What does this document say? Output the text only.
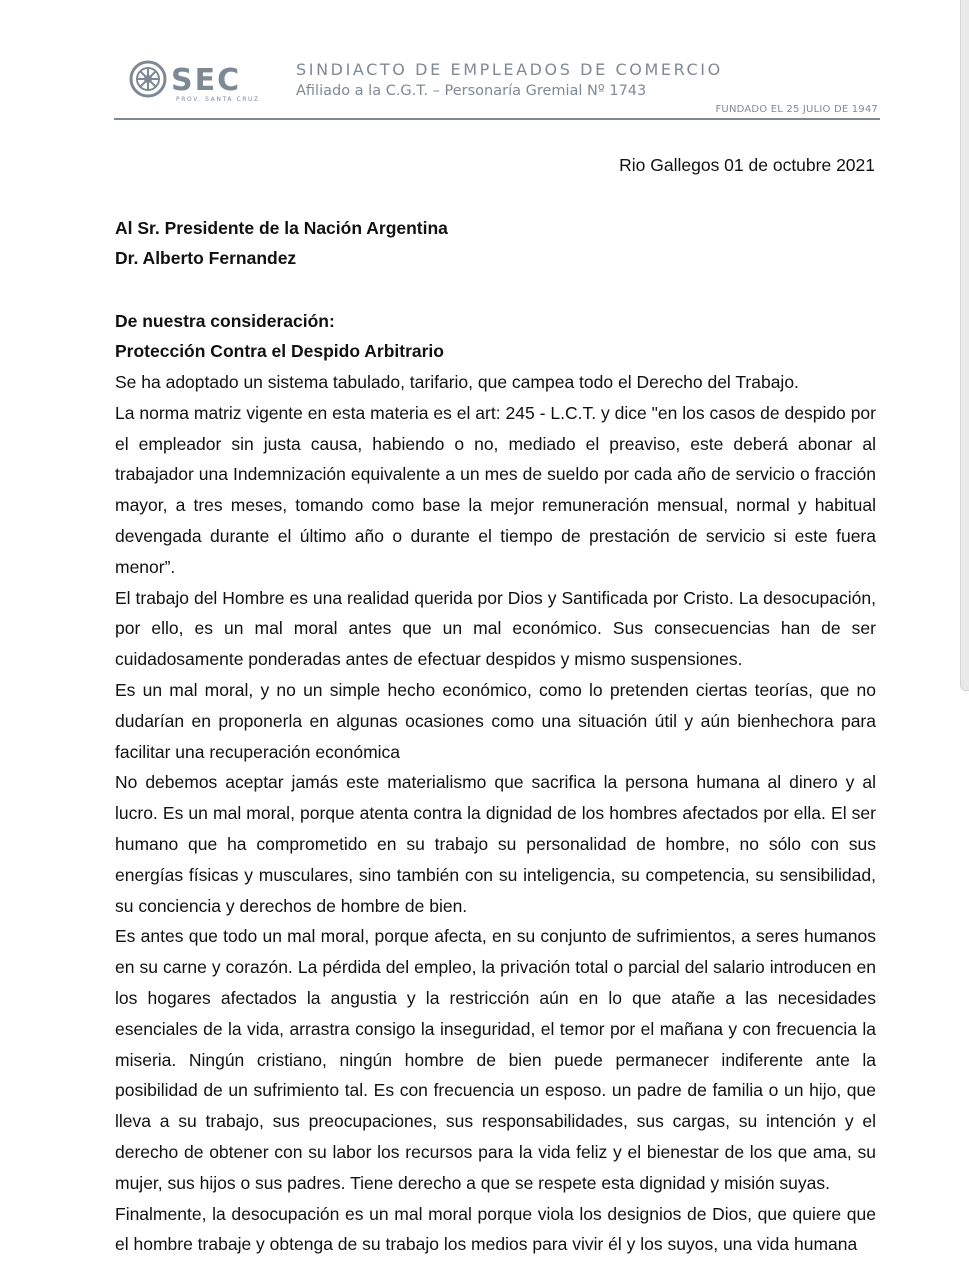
SEC
PROV. SANTA CRUZ
SINDIACTO DE EMPLEADOS DE COMERCIO
Afiliado a la C.G.T. – Personaría Gremial Nº 1743
FUNDADO EL 25 JULIO DE 1947
Rio Gallegos 01 de octubre 2021
Al Sr. Presidente de la Nación Argentina
Dr. Alberto Fernandez
De nuestra consideración:
Protección Contra el Despido Arbitrario

Se ha adoptado un sistema tabulado, tarifario, que campea todo el Derecho del Trabajo.

La norma matriz vigente en esta materia es el art: 245 - L.C.T. y dice "en los casos de despido por el empleador sin justa causa, habiendo o no, mediado el preaviso, este deberá abonar al trabajador una Indemnización equivalente a un mes de sueldo por cada año de servicio o fracción mayor, a tres meses, tomando como base la mejor remuneración mensual, normal y habitual devengada durante el último año o durante el tiempo de prestación de servicio si este fuera menor”.

El trabajo del Hombre es una realidad querida por Dios y Santificada por Cristo. La desocupación, por ello, es un mal moral antes que un mal económico. Sus consecuencias han de ser cuidadosamente ponderadas antes de efectuar despidos y mismo suspensiones.

Es un mal moral, y no un simple hecho económico, como lo pretenden ciertas teorías, que no dudarían en proponerla en algunas ocasiones como una situación útil y aún bienhechora para facilitar una recuperación económica

No debemos aceptar jamás este materialismo que sacrifica la persona humana al dinero y al lucro. Es un mal moral, porque atenta contra la dignidad de los hombres afectados por ella. El ser humano que ha comprometido en su trabajo su personalidad de hombre, no sólo con sus energías físicas y musculares, sino también con su inteligencia, su competencia, su sensibilidad, su conciencia y derechos de hombre de bien.

Es antes que todo un mal moral, porque afecta, en su conjunto de sufrimientos, a seres humanos en su carne y corazón. La pérdida del empleo, la privación total o parcial del salario introducen en los hogares afectados la angustia y la restricción aún en lo que atañe a las necesidades esenciales de la vida, arrastra consigo la inseguridad, el temor por el mañana y con frecuencia la miseria. Ningún cristiano, ningún hombre de bien puede permanecer indiferente ante la posibilidad de un sufrimiento tal. Es con frecuencia un esposo. un padre de familia o un hijo, que lleva a su trabajo, sus preocupaciones, sus responsabilidades, sus cargas, su intención y el derecho de obtener con su labor los recursos para la vida feliz y el bienestar de los que ama, su mujer, sus hijos o sus padres. Tiene derecho a que se respete esta dignidad y misión suyas.

Finalmente, la desocupación es un mal moral porque viola los designios de Dios, que quiere que el hombre trabaje y obtenga de su trabajo los medios para vivir él y los suyos, una vida humana
